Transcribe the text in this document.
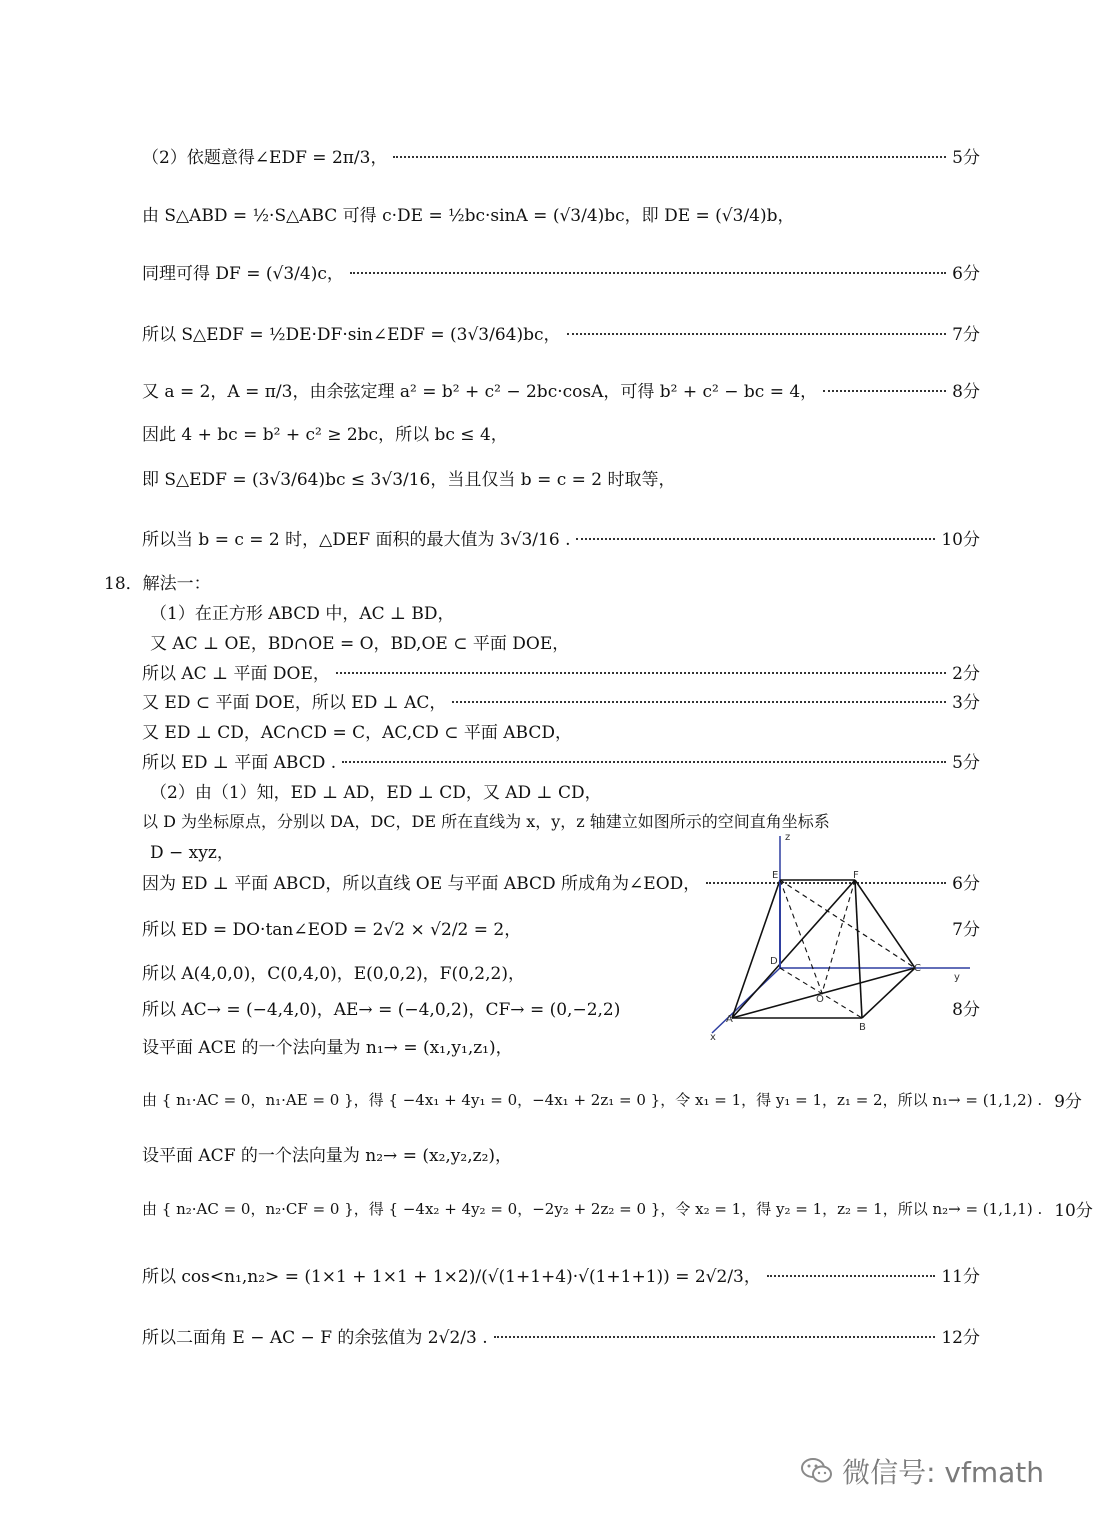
（2）依题意得∠EDF = 2π/3，	5分
由 S△ABD = ½·S△ABC 可得 c·DE = ½bc·sinA = (√3/4)bc，即 DE = (√3/4)b，
同理可得 DF = (√3/4)c，	6分
所以 S△EDF = ½DE·DF·sin∠EDF = (3√3/64)bc，	7分
又 a = 2，A = π/3，由余弦定理 a² = b² + c² − 2bc·cosA，可得 b² + c² − bc = 4，	8分
因此 4 + bc = b² + c² ≥ 2bc，所以 bc ≤ 4，
即 S△EDF = (3√3/64)bc ≤ 3√3/16，当且仅当 b = c = 2 时取等，
所以当 b = c = 2 时，△DEF 面积的最大值为 3√3/16 .	10分
18．解法一：
（1）在正方形 ABCD 中，AC ⊥ BD，
又 AC ⊥ OE，BD∩OE = O，BD,OE ⊂ 平面 DOE，
所以 AC ⊥ 平面 DOE，	2分
又 ED ⊂ 平面 DOE，所以 ED ⊥ AC，	3分
又 ED ⊥ CD，AC∩CD = C，AC,CD ⊂ 平面 ABCD，
所以 ED ⊥ 平面 ABCD .	5分
（2）由（1）知，ED ⊥ AD，ED ⊥ CD，又 AD ⊥ CD，
以 D 为坐标原点，分别以 DA，DC，DE 所在直线为 x，y，z 轴建立如图所示的空间直角坐标系
D − xyz，
因为 ED ⊥ 平面 ABCD，所以直线 OE 与平面 ABCD 所成角为∠EOD，	6分
所以 ED = DO·tan∠EOD = 2√2 × √2/2 = 2，	7分
所以 A(4,0,0)，C(0,4,0)，E(0,0,2)，F(0,2,2)，
所以 AC→ = (−4,4,0)，AE→ = (−4,0,2)，CF→ = (0,−2,2)	8分
设平面 ACE 的一个法向量为 n₁→ = (x₁,y₁,z₁)，
由 { n₁·AC = 0，n₁·AE = 0 }，得 { −4x₁ + 4y₁ = 0，−4x₁ + 2z₁ = 0 }，令 x₁ = 1，得 y₁ = 1，z₁ = 2，所以 n₁→ = (1,1,2) . 9分
设平面 ACF 的一个法向量为 n₂→ = (x₂,y₂,z₂)，
由 { n₂·AC = 0，n₂·CF = 0 }，得 { −4x₂ + 4y₂ = 0，−2y₂ + 2z₂ = 0 }，令 x₂ = 1，得 y₂ = 1，z₂ = 1，所以 n₂→ = (1,1,1) . 10分
所以 cos<n₁,n₂> = (1×1 + 1×1 + 1×2)/(√(1+1+4)·√(1+1+1)) = 2√2/3，	11分
所以二面角 E − AC − F 的余弦值为 2√2/3 .	12分
z
E	F
D
C
y
O
A
B
x
微信号: vfmath
